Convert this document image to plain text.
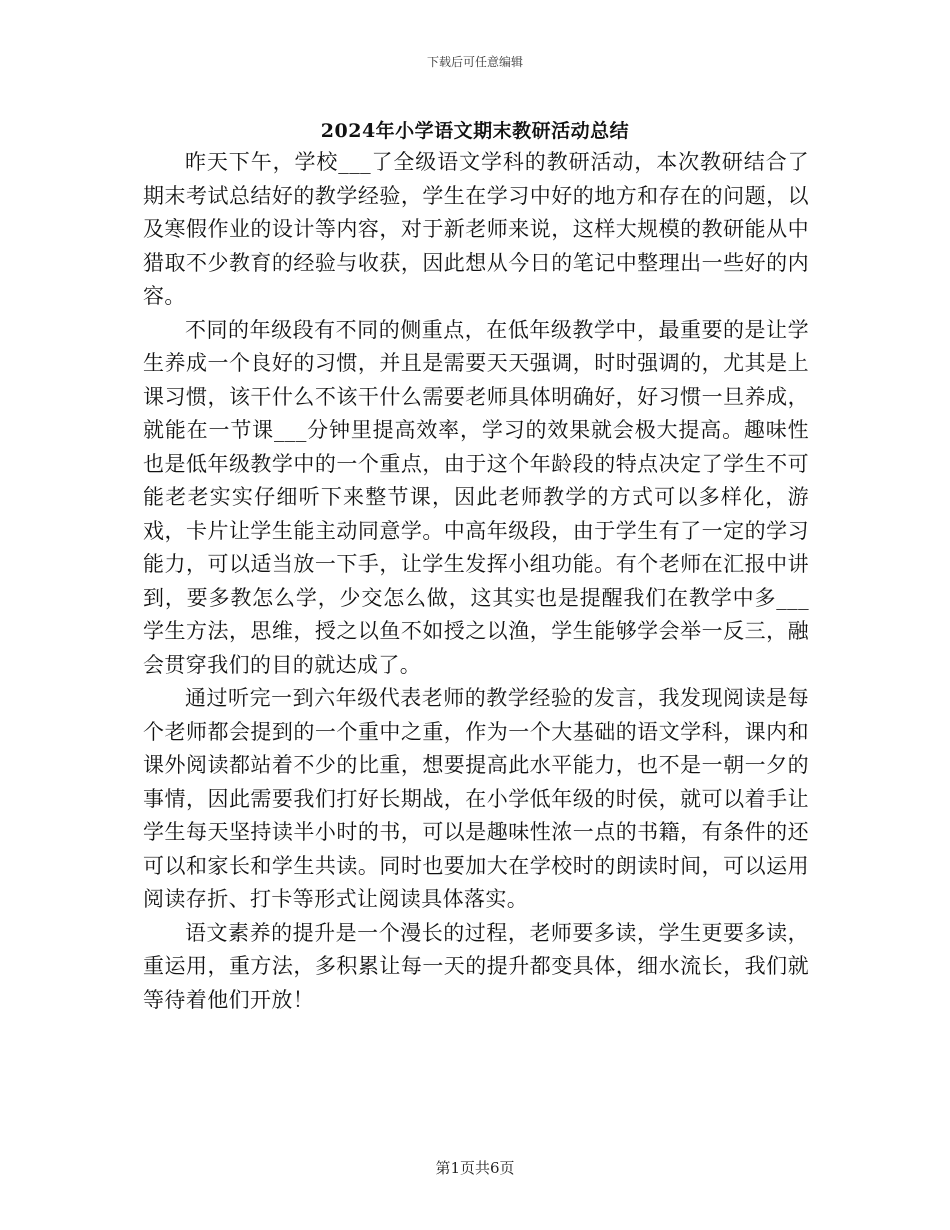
下载后可任意编辑
2024年小学语文期末教研活动总结

昨天下午，学校___了全级语文学科的教研活动，本次教研结合了期末考试总结好的教学经验，学生在学习中好的地方和存在的问题，以及寒假作业的设计等内容，对于新老师来说，这样大规模的教研能从中猎取不少教育的经验与收获，因此想从今日的笔记中整理出一些好的内容。

不同的年级段有不同的侧重点，在低年级教学中，最重要的是让学生养成一个良好的习惯，并且是需要天天强调，时时强调的，尤其是上课习惯，该干什么不该干什么需要老师具体明确好，好习惯一旦养成，就能在一节课___分钟里提高效率，学习的效果就会极大提高。趣味性也是低年级教学中的一个重点，由于这个年龄段的特点决定了学生不可能老老实实仔细听下来整节课，因此老师教学的方式可以多样化，游戏，卡片让学生能主动同意学。中高年级段，由于学生有了一定的学习能力，可以适当放一下手，让学生发挥小组功能。有个老师在汇报中讲到，要多教怎么学，少交怎么做，这其实也是提醒我们在教学中多___学生方法，思维，授之以鱼不如授之以渔，学生能够学会举一反三，融会贯穿我们的目的就达成了。

通过听完一到六年级代表老师的教学经验的发言，我发现阅读是每个老师都会提到的一个重中之重，作为一个大基础的语文学科，课内和课外阅读都站着不少的比重，想要提高此水平能力，也不是一朝一夕的事情，因此需要我们打好长期战，在小学低年级的时侯，就可以着手让学生每天坚持读半小时的书，可以是趣味性浓一点的书籍，有条件的还可以和家长和学生共读。同时也要加大在学校时的朗读时间，可以运用阅读存折、打卡等形式让阅读具体落实。

语文素养的提升是一个漫长的过程，老师要多读，学生更要多读，重运用，重方法，多积累让每一天的提升都变具体，细水流长，我们就等待着他们开放！

第1页共6页
